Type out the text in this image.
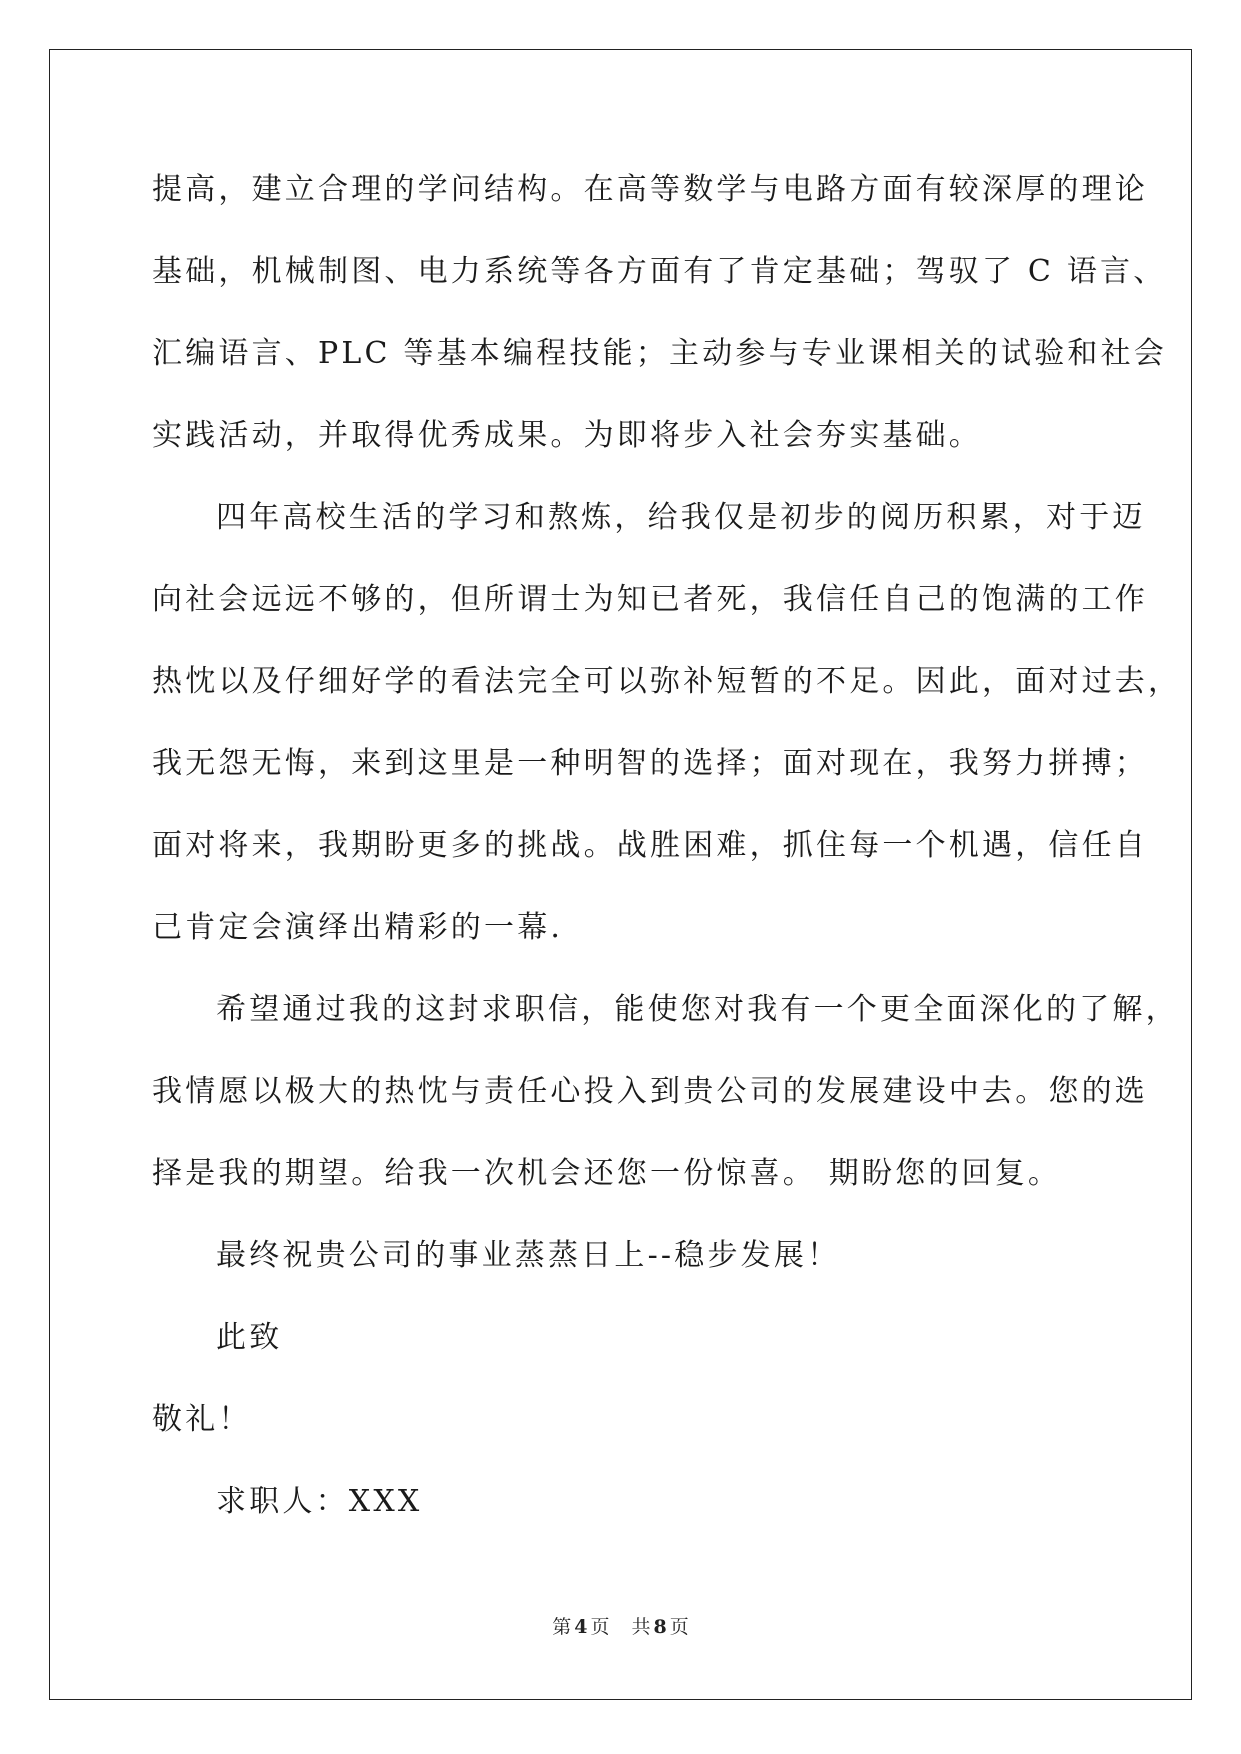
提高，建立合理的学问结构。在高等数学与电路方面有较深厚的理论
基础，机械制图、电力系统等各方面有了肯定基础；驾驭了 C 语言、
汇编语言、PLC 等基本编程技能；主动参与专业课相关的试验和社会
实践活动，并取得优秀成果。为即将步入社会夯实基础。
四年高校生活的学习和熬炼，给我仅是初步的阅历积累，对于迈
向社会远远不够的，但所谓士为知已者死，我信任自己的饱满的工作
热忱以及仔细好学的看法完全可以弥补短暂的不足。因此，面对过去，
我无怨无悔，来到这里是一种明智的选择；面对现在，我努力拼搏；
面对将来，我期盼更多的挑战。战胜困难，抓住每一个机遇，信任自
己肯定会演绎出精彩的一幕.
希望通过我的这封求职信，能使您对我有一个更全面深化的了解，
我情愿以极大的热忱与责任心投入到贵公司的发展建设中去。您的选
择是我的期望。给我一次机会还您一份惊喜。 期盼您的回复。
最终祝贵公司的事业蒸蒸日上--稳步发展！
此致
敬礼！
求职人：XXX
第 4 页 共 8 页
